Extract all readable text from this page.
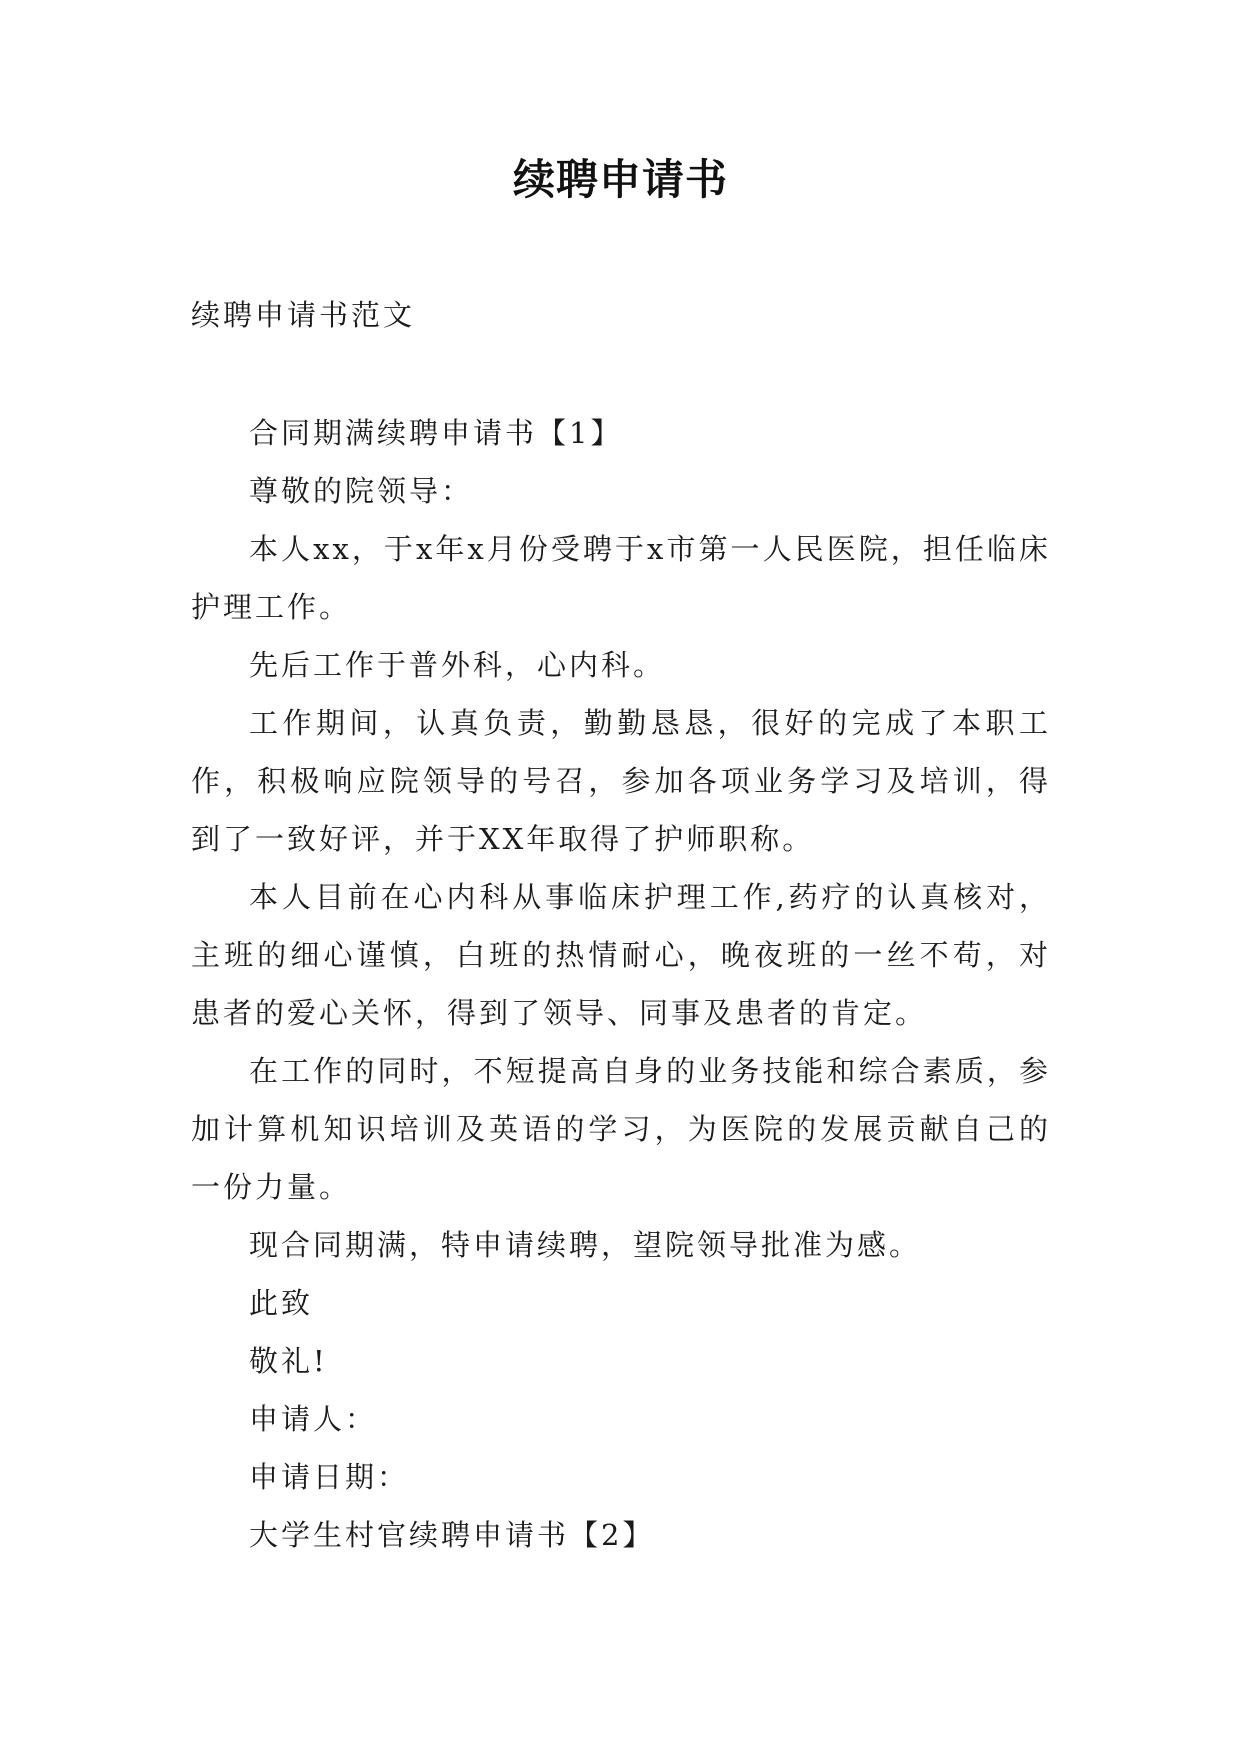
续聘申请书
续聘申请书范文

合同期满续聘申请书【1】

尊敬的院领导：

本人xx，于x年x月份受聘于x市第一人民医院，担任临床护理工作。

先后工作于普外科，心内科。

工作期间，认真负责，勤勤恳恳，很好的完成了本职工作，积极响应院领导的号召，参加各项业务学习及培训，得到了一致好评，并于XX年取得了护师职称。

本人目前在心内科从事临床护理工作,药疗的认真核对，主班的细心谨慎，白班的热情耐心，晚夜班的一丝不苟，对患者的爱心关怀，得到了领导、同事及患者的肯定。

在工作的同时，不短提高自身的业务技能和综合素质，参加计算机知识培训及英语的学习，为医院的发展贡献自己的一份力量。

现合同期满，特申请续聘，望院领导批准为感。

此致

敬礼!

申请人：

申请日期：

大学生村官续聘申请书【2】
